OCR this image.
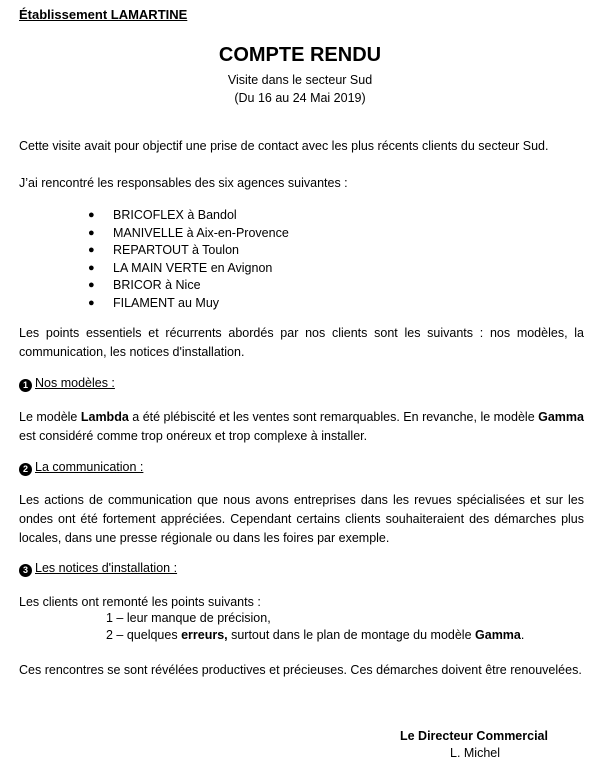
Établissement LAMARTINE
COMPTE RENDU
Visite dans le secteur Sud
(Du 16 au 24 Mai 2019)
Cette visite avait pour objectif une prise de contact avec les plus récents clients du secteur Sud.
J’ai rencontré les responsables des six agences suivantes :
● BRICOFLEX à Bandol
● MANIVELLE à Aix-en-Provence
● REPARTOUT à Toulon
● LA MAIN VERTE en Avignon
● BRICOR à Nice
● FILAMENT au Muy
Les points essentiels et récurrents abordés par nos clients sont les suivants : nos modèles, la communication, les notices d'installation.
1 Nos modèles :
Le modèle Lambda a été plébiscité et les ventes sont remarquables. En revanche, le modèle Gamma est considéré comme trop onéreux et trop complexe à installer.
2 La communication :
Les actions de communication que nous avons entreprises dans les revues spécialisées et sur les ondes ont été fortement appréciées. Cependant certains clients souhaiteraient des démarches plus locales, dans une presse régionale ou dans les foires par exemple.
3 Les notices d'installation :
Les clients ont remonté les points suivants :
1 – leur manque de précision,
2 – quelques erreurs, surtout dans le plan de montage du modèle Gamma.
Ces rencontres se sont révélées productives et précieuses. Ces démarches doivent être renouvelées.
Le Directeur Commercial
L. Michel
